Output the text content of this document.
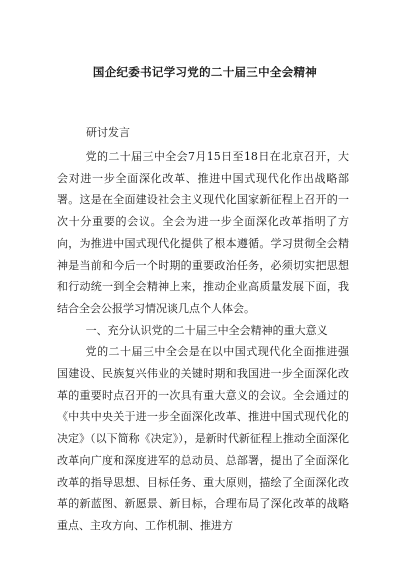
国企纪委书记学习党的二十届三中全会精神
研讨发言

党的二十届三中全会7月15日至18日在北京召开，大会对进一步全面深化改革、推进中国式现代化作出战略部署。这是在全面建设社会主义现代化国家新征程上召开的一次十分重要的会议。全会为进一步全面深化改革指明了方向，为推进中国式现代化提供了根本遵循。学习贯彻全会精神是当前和今后一个时期的重要政治任务，必须切实把思想和行动统一到全会精神上来，推动企业高质量发展下面，我结合全会公报学习情况谈几点个人体会。

一、充分认识党的二十届三中全会精神的重大意义

党的二十届三中全会是在以中国式现代化全面推进强国建设、民族复兴伟业的关键时期和我国进一步全面深化改革的重要时点召开的一次具有重大意义的会议。全会通过的《中共中央关于进一步全面深化改革、推进中国式现代化的决定》（以下简称《决定》），是新时代新征程上推动全面深化改革向广度和深度进军的总动员、总部署，提出了全面深化改革的指导思想、目标任务、重大原则，描绘了全面深化改革的新蓝图、新愿景、新目标，合理布局了深化改革的战略重点、主攻方向、工作机制、推进方
